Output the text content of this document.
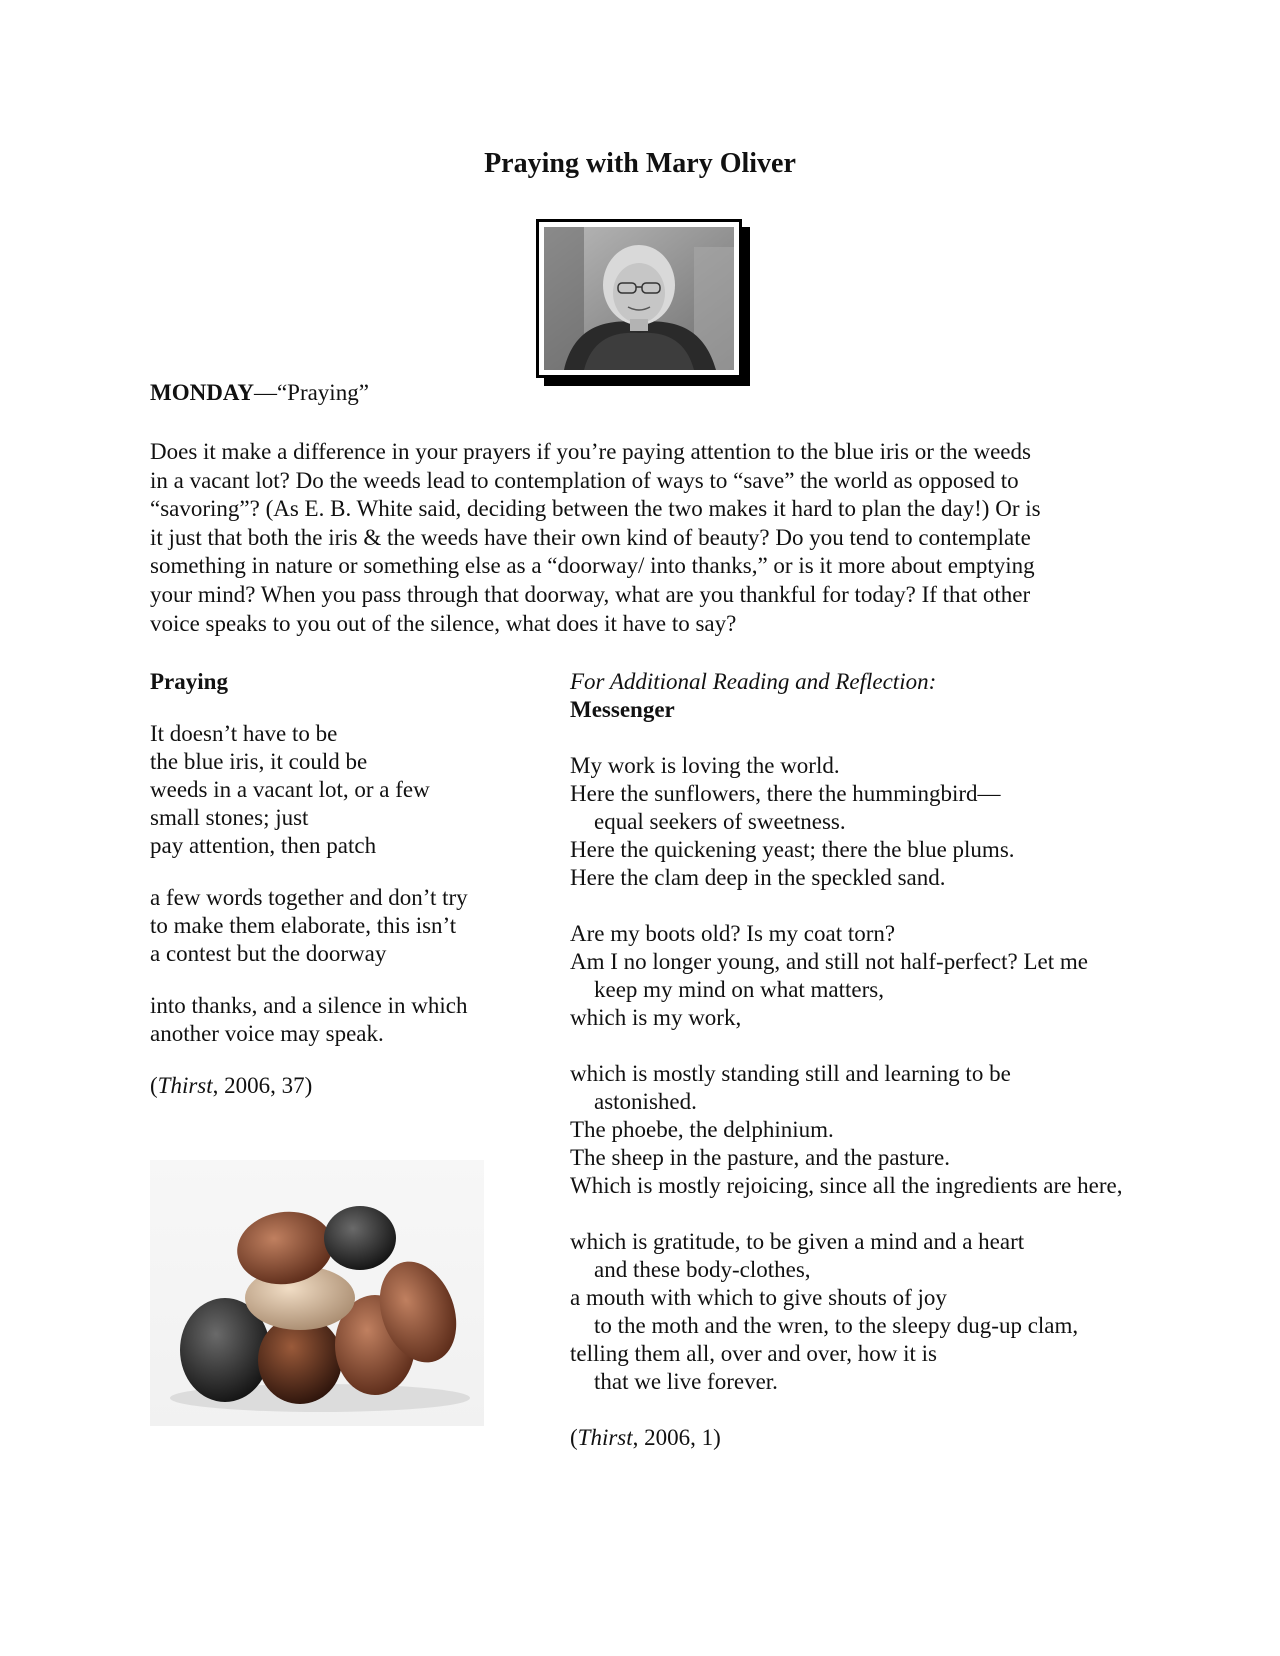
Praying with Mary Oliver
MONDAY—“Praying”
Does it make a difference in your prayers if you’re paying attention to the blue iris or the weeds
in a vacant lot? Do the weeds lead to contemplation of ways to “save” the world as opposed to
“savoring”? (As E. B. White said, deciding between the two makes it hard to plan the day!) Or is
it just that both the iris & the weeds have their own kind of beauty? Do you tend to contemplate
something in nature or something else as a “doorway/ into thanks,” or is it more about emptying
your mind? When you pass through that doorway, what are you thankful for today? If that other
voice speaks to you out of the silence, what does it have to say?
Praying
It doesn’t have to be
the blue iris, it could be
weeds in a vacant lot, or a few
small stones; just
pay attention, then patch
a few words together and don’t try
to make them elaborate, this isn’t
a contest but the doorway
into thanks, and a silence in which
another voice may speak.
(Thirst, 2006, 37)
For Additional Reading and Reflection:
Messenger
My work is loving the world.
Here the sunflowers, there the hummingbird—
equal seekers of sweetness.
Here the quickening yeast; there the blue plums.
Here the clam deep in the speckled sand.
Are my boots old? Is my coat torn?
Am I no longer young, and still not half-perfect? Let me
keep my mind on what matters,
which is my work,
which is mostly standing still and learning to be
astonished.
The phoebe, the delphinium.
The sheep in the pasture, and the pasture.
Which is mostly rejoicing, since all the ingredients are here,
which is gratitude, to be given a mind and a heart
and these body-clothes,
a mouth with which to give shouts of joy
to the moth and the wren, to the sleepy dug-up clam,
telling them all, over and over, how it is
that we live forever.
(Thirst, 2006, 1)
